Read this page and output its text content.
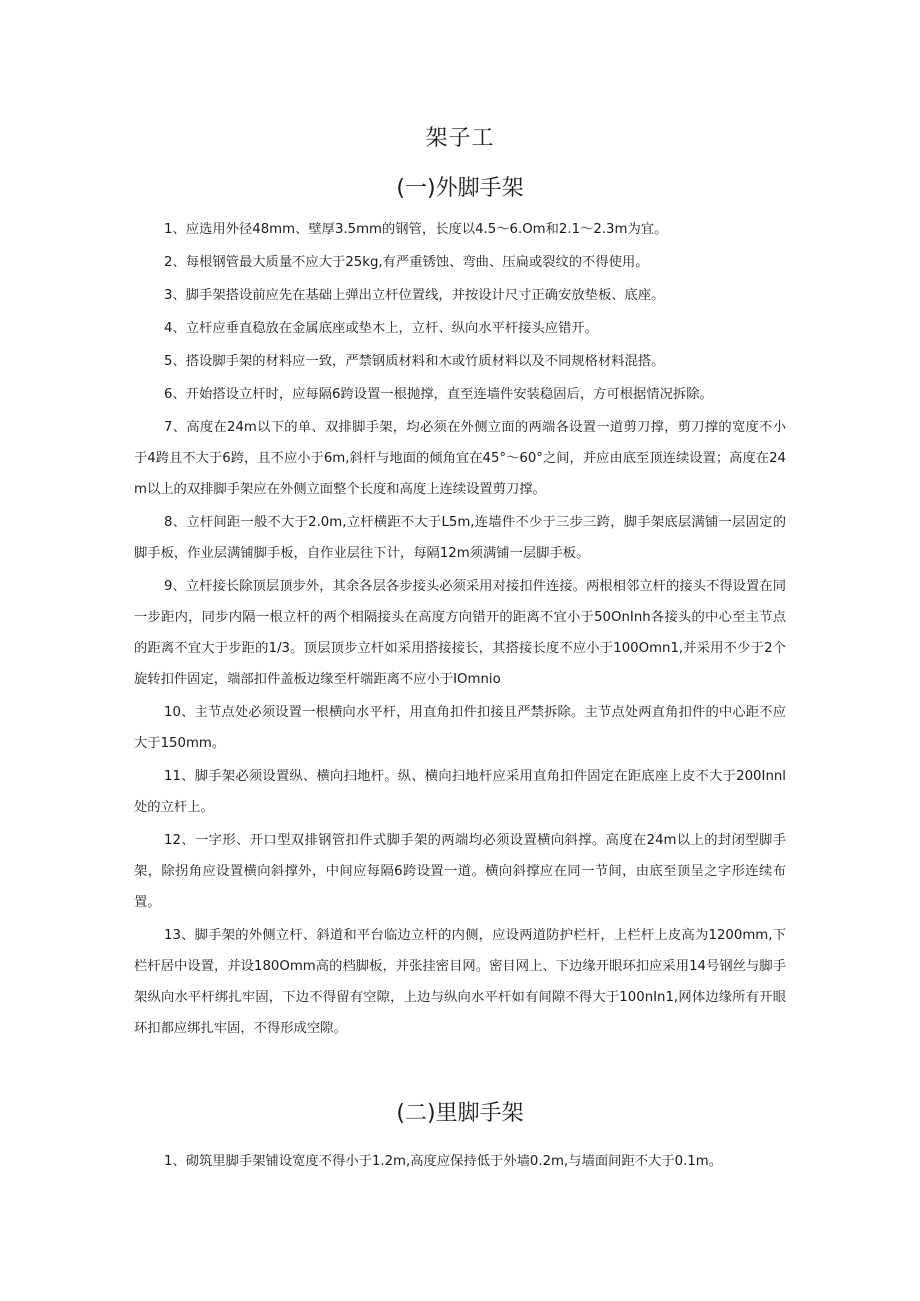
架子工
(一)外脚手架

1、应选用外径48mm、壁厚3.5mm的钢管，长度以4.5～6.Om和2.1～2.3m为宜。

2、每根钢管最大质量不应大于25kg,有严重锈蚀、弯曲、压扁或裂纹的不得使用。

3、脚手架搭设前应先在基础上弹出立杆位置线，并按设计尺寸正确安放垫板、底座。

4、立杆应垂直稳放在金属底座或垫木上，立杆、纵向水平杆接头应错开。

5、搭设脚手架的材料应一致，严禁钢质材料和木或竹质材料以及不同规格材料混搭。

6、开始搭设立杆时，应每隔6跨设置一根抛撑，直至连墙件安装稳固后，方可根据情况拆除。

7、高度在24m以下的单、双排脚手架，均必须在外侧立面的两端各设置一道剪刀撑，剪刀撑的宽度不小于4跨且不大于6跨，且不应小于6m,斜杆与地面的倾角宜在45°～60°之间，并应由底至顶连续设置；高度在24m以上的双排脚手架应在外侧立面整个长度和高度上连续设置剪刀撑。

8、立杆间距一般不大于2.0m,立杆横距不大于L5m,连墙件不少于三步三跨，脚手架底层满铺一层固定的脚手板，作业层满铺脚手板，自作业层往下计，每隔12m须满铺一层脚手板。

9、立杆接长除顶层顶步外，其余各层各步接头必须采用对接扣件连接。两根相邻立杆的接头不得设置在同一步距内，同步内隔一根立杆的两个相隔接头在高度方向错开的距离不宜小于50OnInh各接头的中心至主节点的距离不宜大于步距的1/3。顶层顶步立杆如采用搭接接长，其搭接长度不应小于100Omn1,并采用不少于2个旋转扣件固定，端部扣件盖板边缘至杆端距离不应小于IOmnio

10、主节点处必须设置一根横向水平杆，用直角扣件扣接且严禁拆除。主节点处两直角扣件的中心距不应大于150mm。

11、脚手架必须设置纵、横向扫地杆。纵、横向扫地杆应采用直角扣件固定在距底座上皮不大于200Innl处的立杆上。

12、一字形、开口型双排钢管扣件式脚手架的两端均必须设置横向斜撑。高度在24m以上的封闭型脚手架，除拐角应设置横向斜撑外，中间应每隔6跨设置一道。横向斜撑应在同一节间，由底至顶呈之字形连续布置。

13、脚手架的外侧立杆、斜道和平台临边立杆的内侧，应设两道防护栏杆，上栏杆上皮高为1200mm,下栏杆居中设置，并设180Omm高的档脚板，并张挂密目网。密目网上、下边缘开眼环扣应采用14号钢丝与脚手架纵向水平杆绑扎牢固，下边不得留有空隙，上边与纵向水平杆如有间隙不得大于100nIn1,网体边缘所有开眼环扣都应绑扎牢固，不得形成空隙。

(二)里脚手架

1、砌筑里脚手架铺设宽度不得小于1.2m,高度应保持低于外墙0.2m,与墙面间距不大于0.1m。
